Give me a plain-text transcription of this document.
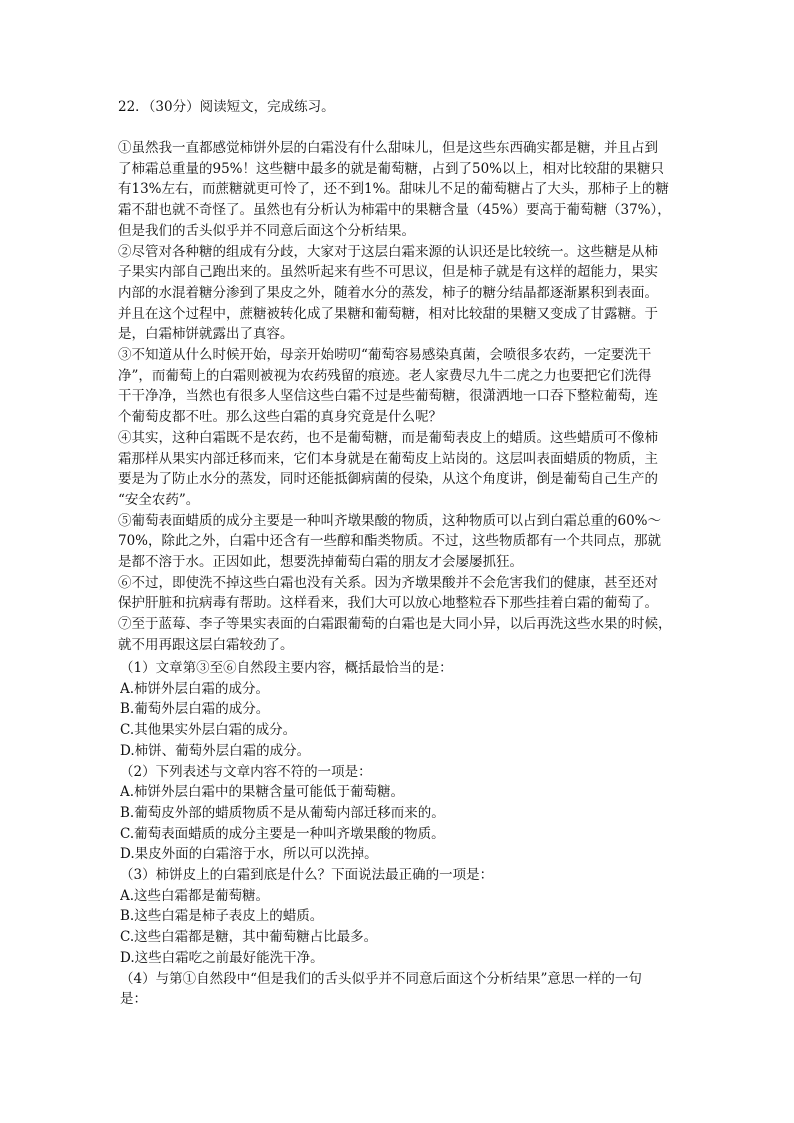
22．（30分）阅读短文，完成练习。
①虽然我一直都感觉柿饼外层的白霜没有什么甜味儿，但是这些东西确实都是糖，并且占到
了柿霜总重量的95%！这些糖中最多的就是葡萄糖，占到了50%以上，相对比较甜的果糖只
有13%左右，而蔗糖就更可怜了，还不到1%。甜味儿不足的葡萄糖占了大头，那柿子上的糖
霜不甜也就不奇怪了。虽然也有分析认为柿霜中的果糖含量（45%）要高于葡萄糖（37%），
但是我们的舌头似乎并不同意后面这个分析结果。
②尽管对各种糖的组成有分歧，大家对于这层白霜来源的认识还是比较统一。这些糖是从柿
子果实内部自己跑出来的。虽然听起来有些不可思议，但是柿子就是有这样的超能力，果实
内部的水混着糖分渗到了果皮之外，随着水分的蒸发，柿子的糖分结晶都逐渐累积到表面。
并且在这个过程中，蔗糖被转化成了果糖和葡萄糖，相对比较甜的果糖又变成了甘露糖。于
是，白霜柿饼就露出了真容。
③不知道从什么时候开始，母亲开始唠叨“葡萄容易感染真菌，会喷很多农药，一定要洗干
净”，而葡萄上的白霜则被视为农药残留的痕迹。老人家费尽九牛二虎之力也要把它们洗得
干干净净，当然也有很多人坚信这些白霜不过是些葡萄糖，很潇洒地一口吞下整粒葡萄，连
个葡萄皮都不吐。那么这些白霜的真身究竟是什么呢？
④其实，这种白霜既不是农药，也不是葡萄糖，而是葡萄表皮上的蜡质。这些蜡质可不像柿
霜那样从果实内部迁移而来，它们本身就是在葡萄皮上站岗的。这层叫表面蜡质的物质，主
要是为了防止水分的蒸发，同时还能抵御病菌的侵染，从这个角度讲，倒是葡萄自己生产的
“安全农药”。
⑤葡萄表面蜡质的成分主要是一种叫齐墩果酸的物质，这种物质可以占到白霜总重的60%～
70%，除此之外，白霜中还含有一些醇和酯类物质。不过，这些物质都有一个共同点，那就
是都不溶于水。正因如此，想要洗掉葡萄白霜的朋友才会屡屡抓狂。
⑥不过，即使洗不掉这些白霜也没有关系。因为齐墩果酸并不会危害我们的健康，甚至还对
保护肝脏和抗病毒有帮助。这样看来，我们大可以放心地整粒吞下那些挂着白霜的葡萄了。
⑦至于蓝莓、李子等果实表面的白霜跟葡萄的白霜也是大同小异，以后再洗这些水果的时候，
就不用再跟这层白霜较劲了。
（1）文章第③至⑥自然段主要内容，概括最恰当的是：
A.柿饼外层白霜的成分。
B.葡萄外层白霜的成分。
C.其他果实外层白霜的成分。
D.柿饼、葡萄外层白霜的成分。
（2）下列表述与文章内容不符的一项是：
A.柿饼外层白霜中的果糖含量可能低于葡萄糖。
B.葡萄皮外部的蜡质物质不是从葡萄内部迁移而来的。
C.葡萄表面蜡质的成分主要是一种叫齐墩果酸的物质。
D.果皮外面的白霜溶于水，所以可以洗掉。
（3）柿饼皮上的白霜到底是什么？下面说法最正确的一项是：
A.这些白霜都是葡萄糖。
B.这些白霜是柿子表皮上的蜡质。
C.这些白霜都是糖，其中葡萄糖占比最多。
D.这些白霜吃之前最好能洗干净。
（4）与第①自然段中“但是我们的舌头似乎并不同意后面这个分析结果”意思一样的一句
是：
